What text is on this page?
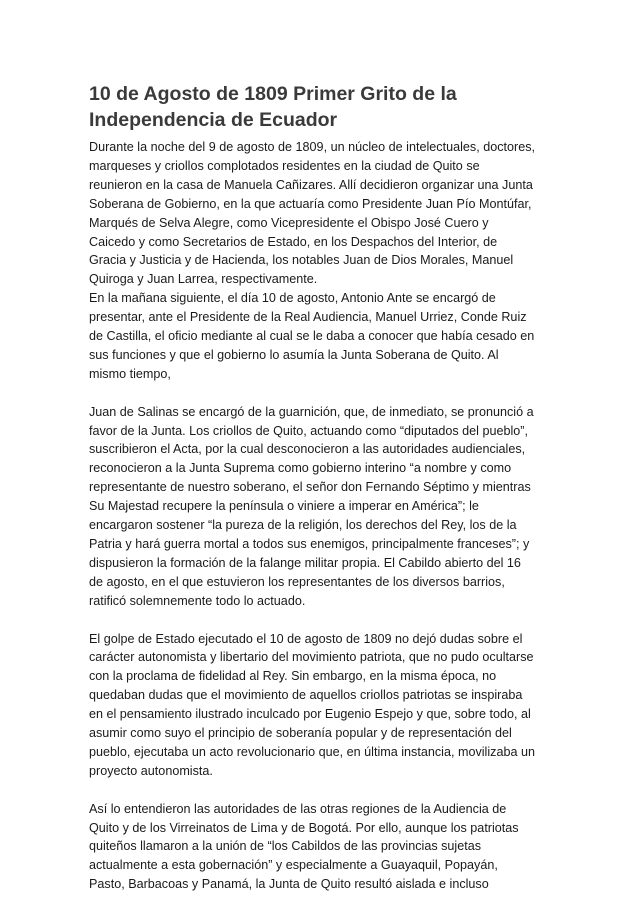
10 de Agosto de 1809 Primer Grito de la
Independencia de Ecuador

Durante la noche del 9 de agosto de 1809, un núcleo de intelectuales, doctores,
marqueses y criollos complotados residentes en la ciudad de Quito se
reunieron en la casa de Manuela Cañizares. Allí decidieron organizar una Junta
Soberana de Gobierno, en la que actuaría como Presidente Juan Pío Montúfar,
Marqués de Selva Alegre, como Vicepresidente el Obispo José Cuero y
Caicedo y como Secretarios de Estado, en los Despachos del Interior, de
Gracia y Justicia y de Hacienda, los notables Juan de Dios Morales, Manuel
Quiroga y Juan Larrea, respectivamente.
En la mañana siguiente, el día 10 de agosto, Antonio Ante se encargó de
presentar, ante el Presidente de la Real Audiencia, Manuel Urriez, Conde Ruiz
de Castilla, el oficio mediante al cual se le daba a conocer que había cesado en
sus funciones y que el gobierno lo asumía la Junta Soberana de Quito. Al
mismo tiempo,

Juan de Salinas se encargó de la guarnición, que, de inmediato, se pronunció a
favor de la Junta. Los criollos de Quito, actuando como “diputados del pueblo”,
suscribieron el Acta, por la cual desconocieron a las autoridades audienciales,
reconocieron a la Junta Suprema como gobierno interino “a nombre y como
representante de nuestro soberano, el señor don Fernando Séptimo y mientras
Su Majestad recupere la península o viniere a imperar en América”; le
encargaron sostener “la pureza de la religión, los derechos del Rey, los de la
Patria y hará guerra mortal a todos sus enemigos, principalmente franceses”; y
dispusieron la formación de la falange militar propia. El Cabildo abierto del 16
de agosto, en el que estuvieron los representantes de los diversos barrios,
ratificó solemnemente todo lo actuado.

El golpe de Estado ejecutado el 10 de agosto de 1809 no dejó dudas sobre el
carácter autonomista y libertario del movimiento patriota, que no pudo ocultarse
con la proclama de fidelidad al Rey. Sin embargo, en la misma época, no
quedaban dudas que el movimiento de aquellos criollos patriotas se inspiraba
en el pensamiento ilustrado inculcado por Eugenio Espejo y que, sobre todo, al
asumir como suyo el principio de soberanía popular y de representación del
pueblo, ejecutaba un acto revolucionario que, en última instancia, movilizaba un
proyecto autonomista.

Así lo entendieron las autoridades de las otras regiones de la Audiencia de
Quito y de los Virreinatos de Lima y de Bogotá. Por ello, aunque los patriotas
quiteños llamaron a la unión de “los Cabildos de las provincias sujetas
actualmente a esta gobernación” y especialmente a Guayaquil, Popayán,
Pasto, Barbacoas y Panamá, la Junta de Quito resultó aislada e incluso
